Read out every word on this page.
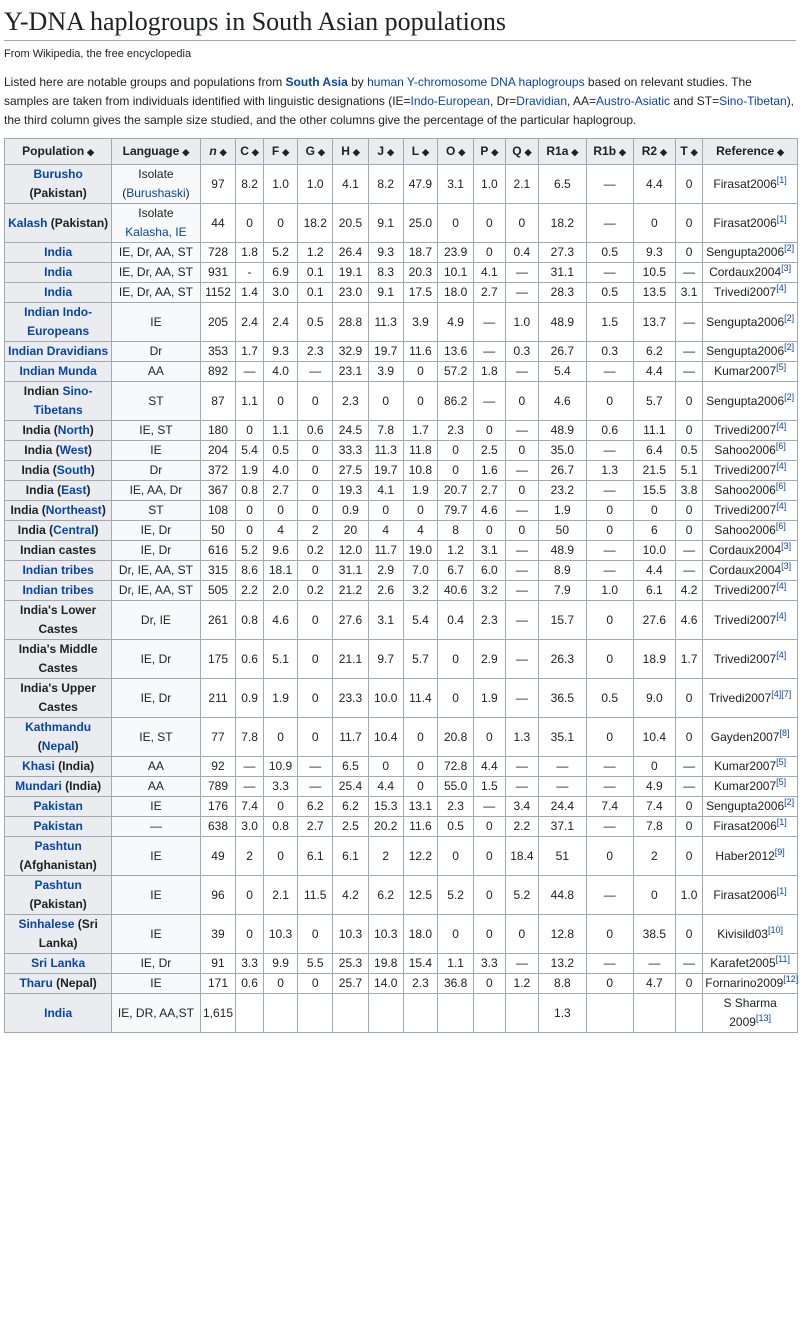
Y-DNA haplogroups in South Asian populations

From Wikipedia, the free encyclopedia

Listed here are notable groups and populations from South Asia by human Y-chromosome DNA haplogroups based on relevant studies. The samples are taken from individuals identified with linguistic designations (IE=Indo-European, Dr=Dravidian, AA=Austro-Asiatic and ST=Sino-Tibetan), the third column gives the sample size studied, and the other columns give the percentage of the particular haplogroup.

Population ◆	Language ◆	n ◆	C ◆	F ◆	G ◆	H ◆	J ◆	L ◆	O ◆	P ◆	Q ◆	R1a ◆	R1b ◆	R2 ◆	T ◆	Reference ◆
Burusho (Pakistan)	Isolate (Burushaski)	97	8.2	1.0	1.0	4.1	8.2	47.9	3.1	1.0	2.1	6.5	—	4.4	0	Firasat2006[1]
Kalash (Pakistan)	Isolate Kalasha, IE	44	0	0	18.2	20.5	9.1	25.0	0	0	0	18.2	—	0	0	Firasat2006[1]
India	IE, Dr, AA, ST	728	1.8	5.2	1.2	26.4	9.3	18.7	23.9	0	0.4	27.3	0.5	9.3	0	Sengupta2006[2]
India	IE, Dr, AA, ST	931	-	6.9	0.1	19.1	8.3	20.3	10.1	4.1	—	31.1	—	10.5	—	Cordaux2004[3]
India	IE, Dr, AA, ST	1152	1.4	3.0	0.1	23.0	9.1	17.5	18.0	2.7	—	28.3	0.5	13.5	3.1	Trivedi2007[4]
Indian Indo-Europeans	IE	205	2.4	2.4	0.5	28.8	11.3	3.9	4.9	—	1.0	48.9	1.5	13.7	—	Sengupta2006[2]
Indian Dravidians	Dr	353	1.7	9.3	2.3	32.9	19.7	11.6	13.6	—	0.3	26.7	0.3	6.2	—	Sengupta2006[2]
Indian Munda	AA	892	—	4.0	—	23.1	3.9	0	57.2	1.8	—	5.4	—	4.4	—	Kumar2007[5]
Indian Sino-Tibetans	ST	87	1.1	0	0	2.3	0	0	86.2	—	0	4.6	0	5.7	0	Sengupta2006[2]
India (North)	IE, ST	180	0	1.1	0.6	24.5	7.8	1.7	2.3	0	—	48.9	0.6	11.1	0	Trivedi2007[4]
India (West)	IE	204	5.4	0.5	0	33.3	11.3	11.8	0	2.5	0	35.0	—	6.4	0.5	Sahoo2006[6]
India (South)	Dr	372	1.9	4.0	0	27.5	19.7	10.8	0	1.6	—	26.7	1.3	21.5	5.1	Trivedi2007[4]
India (East)	IE, AA, Dr	367	0.8	2.7	0	19.3	4.1	1.9	20.7	2.7	0	23.2	—	15.5	3.8	Sahoo2006[6]
India (Northeast)	ST	108	0	0	0	0.9	0	0	79.7	4.6	—	1.9	0	0	0	Trivedi2007[4]
India (Central)	IE, Dr	50	0	4	2	20	4	4	8	0	0	50	0	6	0	Sahoo2006[6]
Indian castes	IE, Dr	616	5.2	9.6	0.2	12.0	11.7	19.0	1.2	3.1	—	48.9	—	10.0	—	Cordaux2004[3]
Indian tribes	Dr, IE, AA, ST	315	8.6	18.1	0	31.1	2.9	7.0	6.7	6.0	—	8.9	—	4.4	—	Cordaux2004[3]
Indian tribes	Dr, IE, AA, ST	505	2.2	2.0	0.2	21.2	2.6	3.2	40.6	3.2	—	7.9	1.0	6.1	4.2	Trivedi2007[4]
India's Lower Castes	Dr, IE	261	0.8	4.6	0	27.6	3.1	5.4	0.4	2.3	—	15.7	0	27.6	4.6	Trivedi2007[4]
India's Middle Castes	IE, Dr	175	0.6	5.1	0	21.1	9.7	5.7	0	2.9	—	26.3	0	18.9	1.7	Trivedi2007[4]
India's Upper Castes	IE, Dr	211	0.9	1.9	0	23.3	10.0	11.4	0	1.9	—	36.5	0.5	9.0	0	Trivedi2007[4][7]
Kathmandu (Nepal)	IE, ST	77	7.8	0	0	11.7	10.4	0	20.8	0	1.3	35.1	0	10.4	0	Gayden2007[8]
Khasi (India)	AA	92	—	10.9	—	6.5	0	0	72.8	4.4	—	—	—	0	—	Kumar2007[5]
Mundari (India)	AA	789	—	3.3	—	25.4	4.4	0	55.0	1.5	—	—	—	4.9	—	Kumar2007[5]
Pakistan	IE	176	7.4	0	6.2	6.2	15.3	13.1	2.3	—	3.4	24.4	7.4	7.4	0	Sengupta2006[2]
Pakistan	—	638	3.0	0.8	2.7	2.5	20.2	11.6	0.5	0	2.2	37.1	—	7.8	0	Firasat2006[1]
Pashtun (Afghanistan)	IE	49	2	0	6.1	6.1	2	12.2	0	0	18.4	51	0	2	0	Haber2012[9]
Pashtun (Pakistan)	IE	96	0	2.1	11.5	4.2	6.2	12.5	5.2	0	5.2	44.8	—	0	1.0	Firasat2006[1]
Sinhalese (Sri Lanka)	IE	39	0	10.3	0	10.3	10.3	18.0	0	0	0	12.8	0	38.5	0	Kivisild03[10]
Sri Lanka	IE, Dr	91	3.3	9.9	5.5	25.3	19.8	15.4	1.1	3.3	—	13.2	—	—	—	Karafet2005[11]
Tharu (Nepal)	IE	171	0.6	0	0	25.7	14.0	2.3	36.8	0	1.2	8.8	0	4.7	0	Fornarino2009[12]
India	IE, DR, AA,ST	1,615										1.3				S Sharma 2009[13]
